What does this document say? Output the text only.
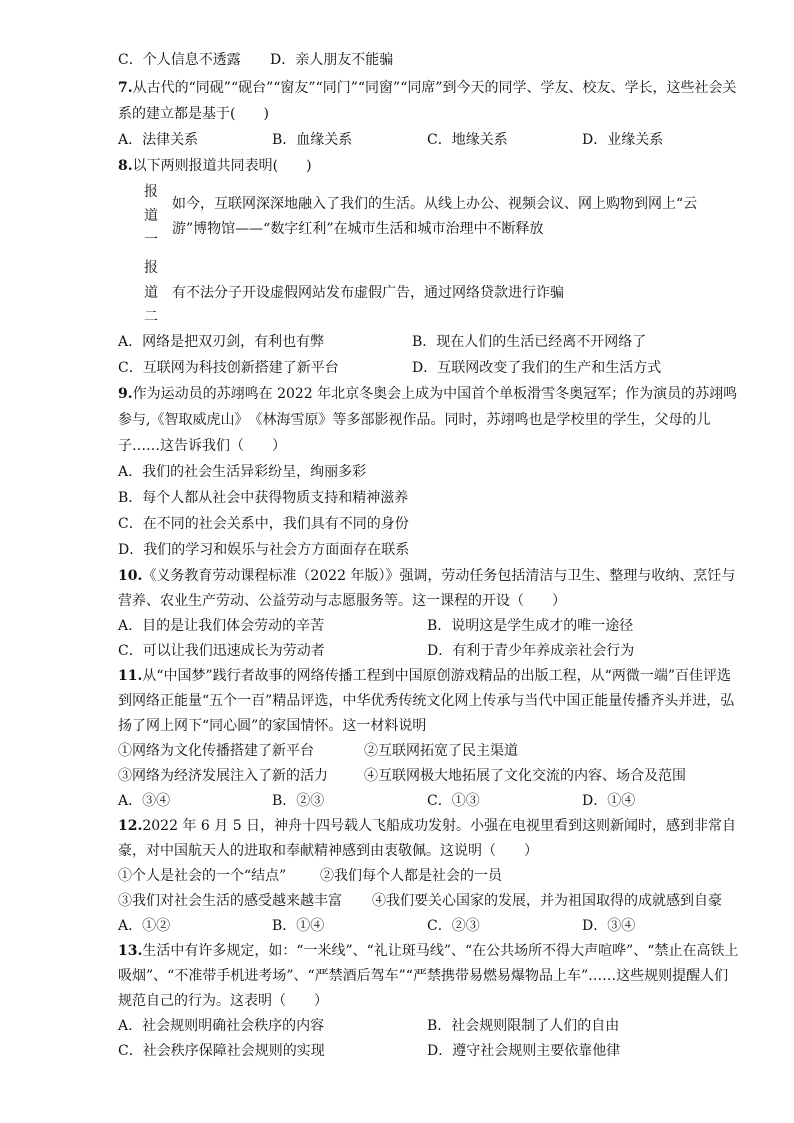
C．个人信息不透露 D．亲人朋友不能骗
7.从古代的“同砚”“砚台”“窗友”“同门”“同窗”“同席”到今天的同学、学友、校友、学长，这些社会关
系的建立都是基于(　　)
A．法律关系	B．血缘关系	C．地缘关系	D．业缘关系
8.以下两则报道共同表明(　　)
报
道
一
如今，互联网深深地融入了我们的生活。从线上办公、视频会议、网上购物到网上“云
游”博物馆——“数字红利”在城市生活和城市治理中不断释放
报
道
二
有不法分子开设虚假网站发布虚假广告，通过网络贷款进行诈骗
A．网络是把双刃剑，有利也有弊	B．现在人们的生活已经离不开网络了
C．互联网为科技创新搭建了新平台	D．互联网改变了我们的生产和生活方式
9.作为运动员的苏翊鸣在 2022 年北京冬奥会上成为中国首个单板滑雪冬奥冠军；作为演员的苏翊鸣
参与,《智取威虎山》　《林海雪原》等多部影视作品。同时，苏翊鸣也是学校里的学生，父母的儿
子……这告诉我们（　　）
A．我们的社会生活异彩纷呈，绚丽多彩
B．每个人都从社会中获得物质支持和精神滋养
C．在不同的社会关系中，我们具有不同的身份
D．我们的学习和娱乐与社会方方面面存在联系
10.《义务教育劳动课程标准（2022 年版）》强调，劳动任务包括清洁与卫生、整理与收纳、烹饪与
营养、农业生产劳动、公益劳动与志愿服务等。这一课程的开设（　　）
A．目的是让我们体会劳动的辛苦	B．说明这是学生成才的唯一途径
C．可以让我们迅速成长为劳动者	D．有利于青少年养成亲社会行为
11.从“中国梦”践行者故事的网络传播工程到中国原创游戏精品的出版工程，从“两微一端”百佳评选
到网络正能量“五个一百”精品评选，中华优秀传统文化网上传承与当代中国正能量传播齐头并进，弘
扬了网上网下“同心圆”的家国情怀。这一材料说明
①网络为文化传播搭建了新平台	②互联网拓宽了民主渠道
③网络为经济发展注入了新的活力	④互联网极大地拓展了文化交流的内容、场合及范围
A．③④	B．②③	C．①③	D．①④
12.2022 年 6 月 5 日，神舟十四号载人飞船成功发射。小强在电视里看到这则新闻时，感到非常自
豪，对中国航天人的进取和奉献精神感到由衷敬佩。这说明（　　）
①个人是社会的一个“结点” ②我们每个人都是社会的一员
③我们对社会生活的感受越来越丰富 ④我们要关心国家的发展，并为祖国取得的成就感到自豪
A．①②	B．①④	C．②③	D．③④
13.生活中有许多规定，如：“一米线”、“礼让斑马线”、“在公共场所不得大声喧哗”、“禁止在高铁上
吸烟”、“不准带手机进考场”、“严禁酒后驾车”“严禁携带易燃易爆物品上车”……这些规则提醒人们
规范自己的行为。这表明（　　）
A．社会规则明确社会秩序的内容	B．社会规则限制了人们的自由
C．社会秩序保障社会规则的实现	D．遵守社会规则主要依靠他律
